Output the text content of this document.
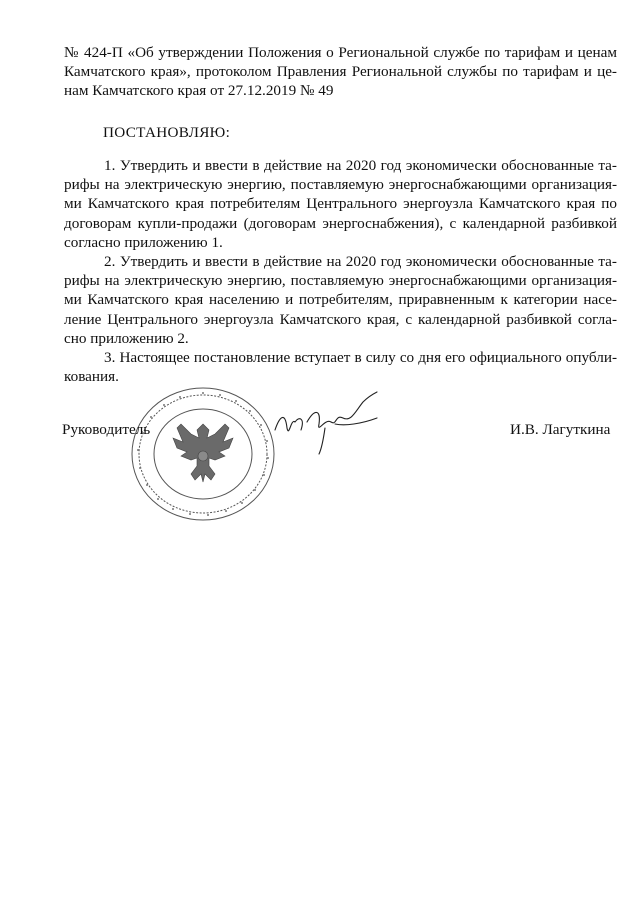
№ 424-П «Об утверждении Положения о Региональной службе по тарифам и ценам
Камчатского края», протоколом Правления Региональной службы по тарифам и це-
нам Камчатского края от 27.12.2019 № 49
ПОСТАНОВЛЯЮ:
1. Утвердить и ввести в действие на 2020 год экономически обоснованные та-
рифы на электрическую энергию, поставляемую энергоснабжающими организация-
ми Камчатского края потребителям Центрального энергоузла Камчатского края по
договорам купли-продажи (договорам энергоснабжения), с календарной разбивкой
согласно приложению 1.
2. Утвердить и ввести в действие на 2020 год экономически обоснованные та-
рифы на электрическую энергию, поставляемую энергоснабжающими организация-
ми Камчатского края населению и потребителям, приравненным к категории насе-
ление Центрального энергоузла Камчатского края, с календарной разбивкой согла-
сно приложению 2.
3. Настоящее постановление вступает в силу со дня его официального опубли-
кования.
Руководитель	И.В. Лагуткина
